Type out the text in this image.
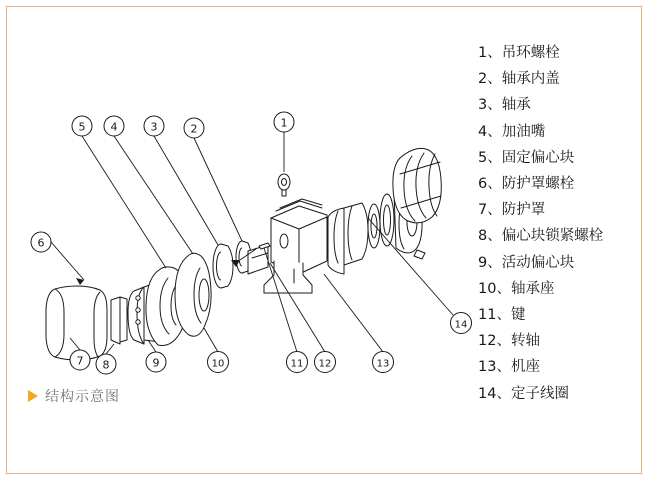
1
2
3
4
5
6
7 8	9	10	11 12	13
14
1、吊环螺栓
2、轴承内盖
3、轴承
4、加油嘴
5、固定偏心块
6、防护罩螺栓
7、防护罩
8、偏心块锁紧螺栓
9、活动偏心块
10、轴承座
11、键
12、转轴
13、机座
14、定子线圈
结构示意图
